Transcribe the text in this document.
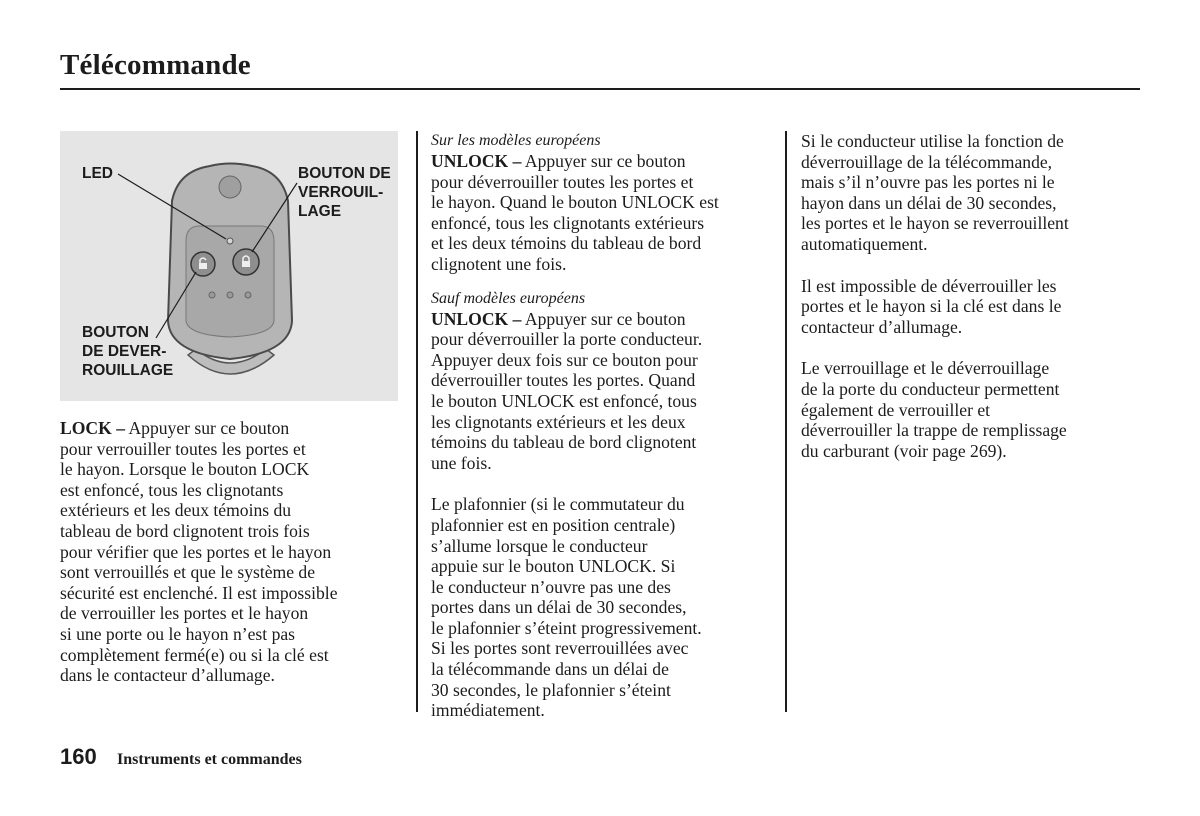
Télécommande
LED	BOUTON DE
VERROUIL-
LAGE
BOUTON
DE DEVER-
ROUILLAGE

LOCK – Appuyer sur ce bouton
pour verrouiller toutes les portes et
le hayon. Lorsque le bouton LOCK
est enfoncé, tous les clignotants
extérieurs et les deux témoins du
tableau de bord clignotent trois fois
pour vérifier que les portes et le hayon
sont verrouillés et que le système de
sécurité est enclenché. Il est impossible
de verrouiller les portes et le hayon
si une porte ou le hayon n’est pas
complètement fermé(e) ou si la clé est
dans le contacteur d’allumage.

Sur les modèles européens

UNLOCK – Appuyer sur ce bouton
pour déverrouiller toutes les portes et
le hayon. Quand le bouton UNLOCK est
enfoncé, tous les clignotants extérieurs
et les deux témoins du tableau de bord
clignotent une fois.

Sauf modèles européens

UNLOCK – Appuyer sur ce bouton
pour déverrouiller la porte conducteur.
Appuyer deux fois sur ce bouton pour
déverrouiller toutes les portes. Quand
le bouton UNLOCK est enfoncé, tous
les clignotants extérieurs et les deux
témoins du tableau de bord clignotent
une fois.

Le plafonnier (si le commutateur du
plafonnier est en position centrale)
s’allume lorsque le conducteur
appuie sur le bouton UNLOCK. Si
le conducteur n’ouvre pas une des
portes dans un délai de 30 secondes,
le plafonnier s’éteint progressivement.
Si les portes sont reverrouillées avec
la télécommande dans un délai de
30 secondes, le plafonnier s’éteint
immédiatement.

Si le conducteur utilise la fonction de
déverrouillage de la télécommande,
mais s’il n’ouvre pas les portes ni le
hayon dans un délai de 30 secondes,
les portes et le hayon se reverrouillent
automatiquement.

Il est impossible de déverrouiller les
portes et le hayon si la clé est dans le
contacteur d’allumage.

Le verrouillage et le déverrouillage
de la porte du conducteur permettent
également de verrouiller et
déverrouiller la trappe de remplissage
du carburant (voir page 269).

160 Instruments et commandes
